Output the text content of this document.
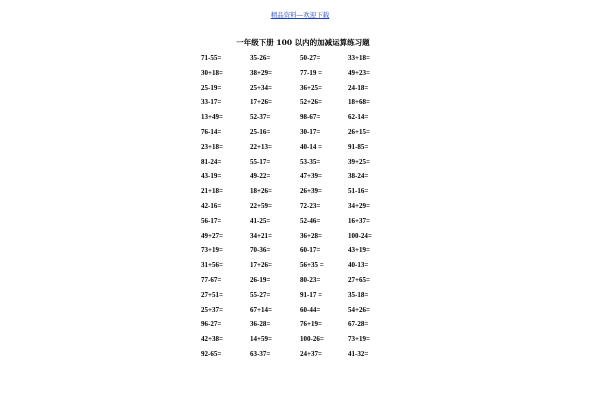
精品资料—欢迎下载
一年级下册 100 以内的加减运算练习题
71-55=	35-26=	50-27=	33+18=
30+18=	38+29=	77-19 =	49+23=
25-19=	25+34=	36+25=	24-18=
33-17=	17+26=	52+26=	18+68=
13+49=	52-37=	98-67=	62-14=
76-14=	25-16=	30-17=	26+15=
23+18=	22+13=	40-14 =	91-85=
81-24=	55-17=	53-35=	39+25=
43-19=	49-22=	47+39=	38-24=
21+18=	18+26=	26+39=	51-16=
42-16=	22+59=	72-23=	34+29=
56-17=	41-25=	52-46=	16+37=
49+27=	34+21=	36+28=	100-24=
73+19=	70-36=	60-17=	43+19=
31+56=	17+26=	56+35 =	40-13=
77-67=	26-19=	80-23=	27+65=
27+51=	55-27=	91-17 =	35-18=
25+37=	67+14=	60-44=	54+26=
96-27=	36-28=	76+19=	67-28=
42+38=	14+59=	100-26=	73+19=
92-65=	63-37=	24+37=	41-32=
